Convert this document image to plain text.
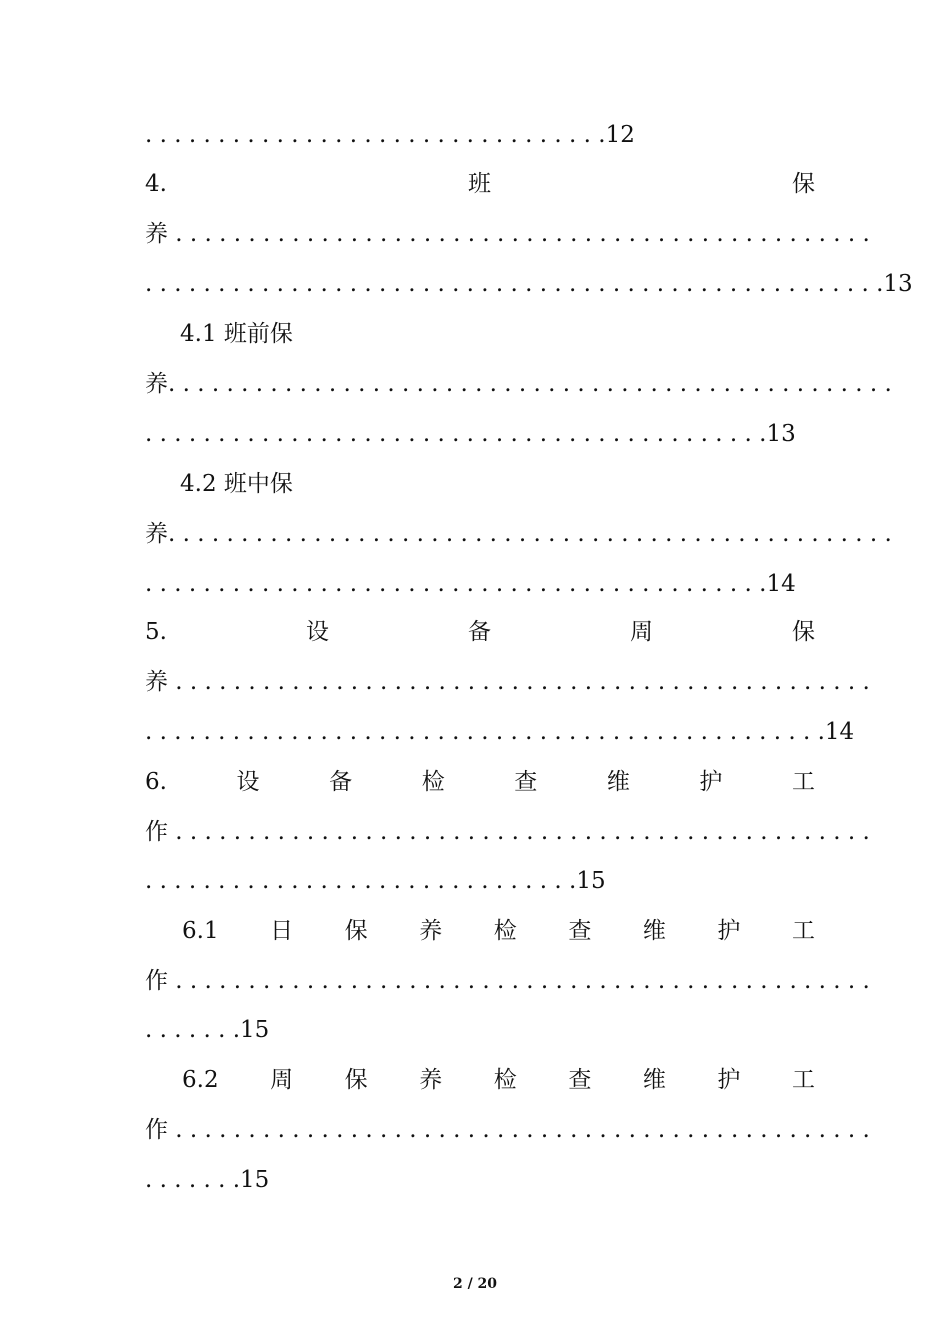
. . . . . . . . . . . . . . . . . . . . . . . . . . . . . . . .12
4.	班	保
养 . . . . . . . . . . . . . . . . . . . . . . . . . . . . . . . . . . . . . . . . . . . . . . . .
. . . . . . . . . . . . . . . . . . . . . . . . . . . . . . . . . . . . . . . . . . . . . . . . . . .13
4.1 班前保
养. . . . . . . . . . . . . . . . . . . . . . . . . . . . . . . . . . . . . . . . . . . . . . . . . .
. . . . . . . . . . . . . . . . . . . . . . . . . . . . . . . . . . . . . . . . . . .13
4.2 班中保
养. . . . . . . . . . . . . . . . . . . . . . . . . . . . . . . . . . . . . . . . . . . . . . . . . .
. . . . . . . . . . . . . . . . . . . . . . . . . . . . . . . . . . . . . . . . . . .14
5.	设	备	周	保
养 . . . . . . . . . . . . . . . . . . . . . . . . . . . . . . . . . . . . . . . . . . . . . . . .
. . . . . . . . . . . . . . . . . . . . . . . . . . . . . . . . . . . . . . . . . . . . . . .14
6.	设	备	检	查	维	护	工
作 . . . . . . . . . . . . . . . . . . . . . . . . . . . . . . . . . . . . . . . . . . . . . . . .
. . . . . . . . . . . . . . . . . . . . . . . . . . . . . .15
6.1 日 保 养 检 查 维 护 工
作 . . . . . . . . . . . . . . . . . . . . . . . . . . . . . . . . . . . . . . . . . . . . . . . .
. . . . . . .15
6.2 周 保 养 检 查 维 护 工
作 . . . . . . . . . . . . . . . . . . . . . . . . . . . . . . . . . . . . . . . . . . . . . . . .
. . . . . . .15
2 / 20
